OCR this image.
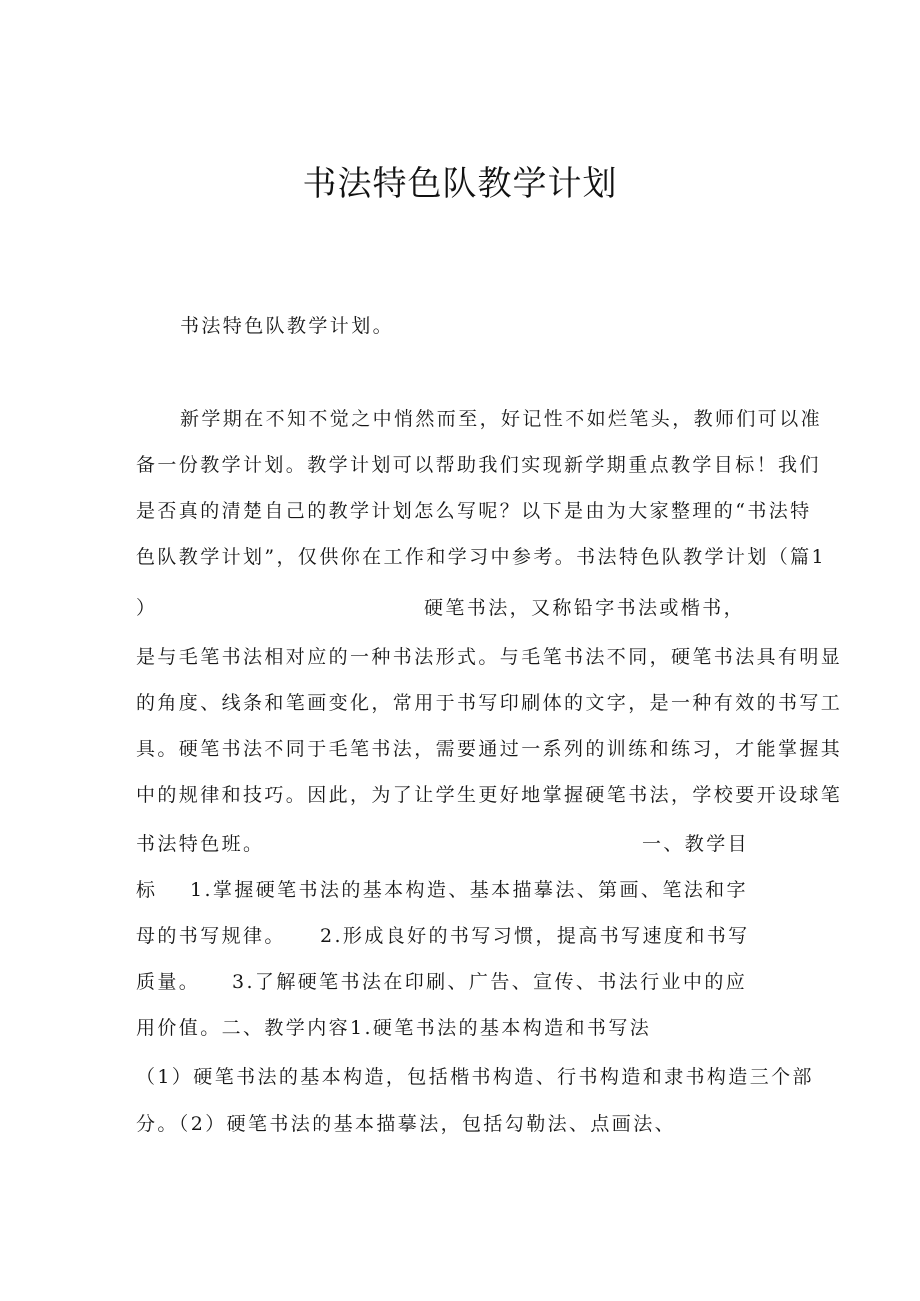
书法特色队教学计划
书法特色队教学计划。
新学期在不知不觉之中悄然而至，好记性不如烂笔头，教师们可以准
备一份教学计划。教学计划可以帮助我们实现新学期重点教学目标！我们
是否真的清楚自己的教学计划怎么写呢？以下是由为大家整理的“书法特
色队教学计划”，仅供你在工作和学习中参考。书法特色队教学计划（篇1
）	硬笔书法，又称铅字书法或楷书，
是与毛笔书法相对应的一种书法形式。与毛笔书法不同，硬笔书法具有明显
的角度、线条和笔画变化，常用于书写印刷体的文字，是一种有效的书写工
具。硬笔书法不同于毛笔书法，需要通过一系列的训练和练习，才能掌握其
中的规律和技巧。因此，为了让学生更好地掌握硬笔书法，学校要开设球笔
书法特色班。	一、教学目
标 1.掌握硬笔书法的基本构造、基本描摹法、第画、笔法和字
母的书写规律。 2.形成良好的书写习惯，提高书写速度和书写
质量。 3.了解硬笔书法在印刷、广告、宣传、书法行业中的应
用价值。二、教学内容1.硬笔书法的基本构造和书写法
（1）硬笔书法的基本构造，包括楷书构造、行书构造和隶书构造三个部
分。（2）硬笔书法的基本描摹法，包括勾勒法、点画法、
